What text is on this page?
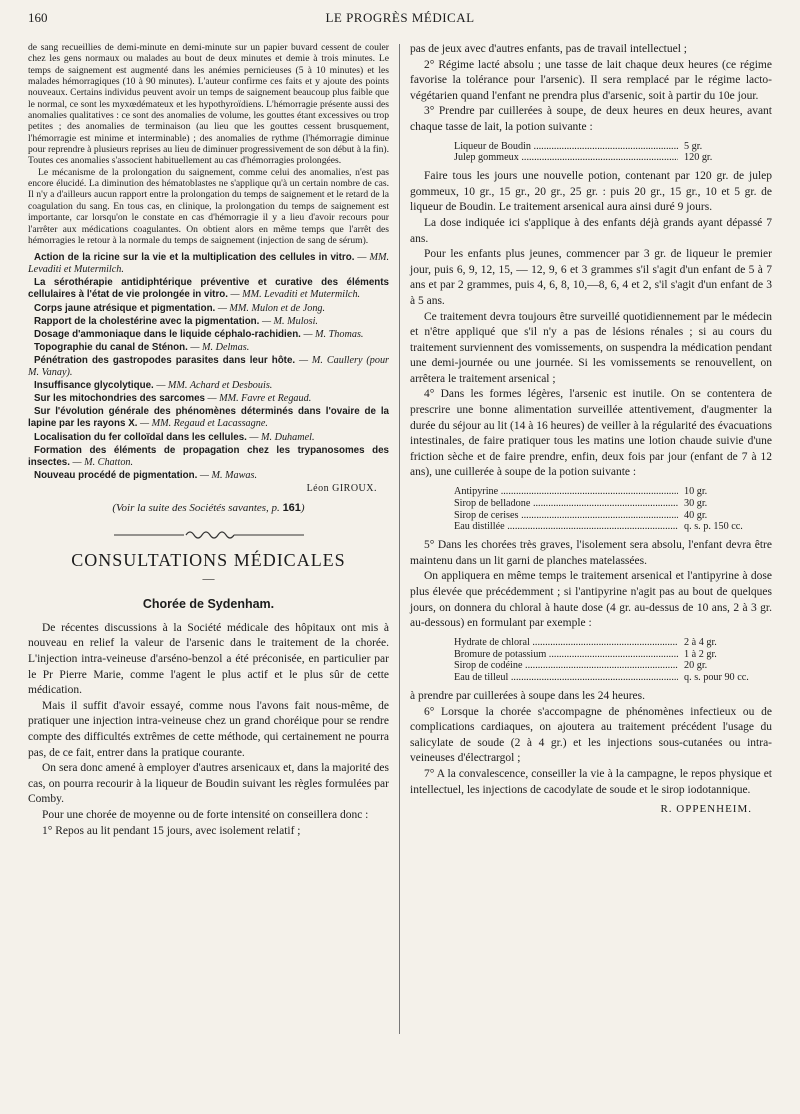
160	LE PROGRÈS MÉDICAL

de sang recueillies de demi-minute en demi-minute sur un papier buvard cessent de couler chez les gens normaux ou malades au bout de deux minutes et demie à trois minutes. Le temps de saignement est augmenté dans les anémies pernicieuses (5 à 10 minutes) et les malades hémorragiques (10 à 90 minutes). L'auteur confirme ces faits et y ajoute des points nouveaux. Certains individus peuvent avoir un temps de saignement beaucoup plus faible que le normal, ce sont les myxœdémateux et les hypothyroïdiens. L'hémorragie présente aussi des anomalies qualitatives : ce sont des anomalies de volume, les gouttes étant excessives ou trop petites ; des anomalies de terminaison (au lieu que les gouttes cessent brusquement, l'hémorragie est minime et interminable) ; des anomalies de rythme (l'hémorragie diminue pour reprendre à plusieurs reprises au lieu de diminuer progressivement de son début à la fin). Toutes ces anomalies s'associent habituellement au cas d'hémorragies prolongées.

Le mécanisme de la prolongation du saignement, comme celui des anomalies, n'est pas encore élucidé. La diminution des hématoblastes ne s'applique qu'à un certain nombre de cas. Il n'y a d'ailleurs aucun rapport entre la prolongation du temps de saignement et le retard de la coagulation du sang. En tous cas, en clinique, la prolongation du temps de saignement est importante, car lorsqu'on le constate en cas d'hémorragie il y a lieu d'avoir recours pour l'arrêter aux médications coagulantes. On obtient alors en même temps que l'arrêt des hémorragies le retour à la normale du temps de saignement (injection de sang de sérum).

Action de la ricine sur la vie et la multiplication des cellules in vitro. — MM. Levaditi et Mutermilch.

La sérothérapie antidiphtérique préventive et curative des éléments cellulaires à l'état de vie prolongée in vitro. — MM. Levaditi et Mutermilch.

Corps jaune atrésique et pigmentation. — MM. Mulon et de Jong.

Rapport de la cholestérine avec la pigmentation. — M. Mulosi.

Dosage d'ammoniaque dans le liquide céphalo-rachidien. — M. Thomas.

Topographie du canal de Sténon. — M. Delmas.

Pénétration des gastropodes parasites dans leur hôte. — M. Caullery (pour M. Vanay).

Insuffisance glycolytique. — MM. Achard et Desbouis.

Sur les mitochondries des sarcomes — MM. Favre et Regaud.

Sur l'évolution générale des phénomènes déterminés dans l'ovaire de la lapine par les rayons X. — MM. Regaud et Lacassagne.

Localisation du fer colloïdal dans les cellules. — M. Duhamel.

Formation des éléments de propagation chez les trypanosomes des insectes. — M. Chatton.

Nouveau procédé de pigmentation. — M. Mawas.

Léon GIROUX.
(Voir la suite des Sociétés savantes, p. 161)
CONSULTATIONS MÉDICALES
—
Chorée de Sydenham.

De récentes discussions à la Société médicale des hôpitaux ont mis à nouveau en relief la valeur de l'arsenic dans le traitement de la chorée. L'injection intra-veineuse d'arséno-benzol a été préconisée, en particulier par le Pr Pierre Marie, comme l'agent le plus actif et le plus sûr de cette médication.

Mais il suffit d'avoir essayé, comme nous l'avons fait nous-même, de pratiquer une injection intra-veineuse chez un grand choréique pour se rendre compte des difficultés extrêmes de cette méthode, qui certainement ne pourra pas, de ce fait, entrer dans la pratique courante.

On sera donc amené à employer d'autres arsenicaux et, dans la majorité des cas, on pourra recourir à la liqueur de Boudin suivant les règles formulées par Comby.

Pour une chorée de moyenne ou de forte intensité on conseillera donc :

1° Repos au lit pendant 15 jours, avec isolement relatif ;

pas de jeux avec d'autres enfants, pas de travail intellectuel ;

2° Régime lacté absolu ; une tasse de lait chaque deux heures (ce régime favorise la tolérance pour l'arsenic). Il sera remplacé par le régime lacto-végétarien quand l'enfant ne prendra plus d'arsenic, soit à partir du 10e jour.

3° Prendre par cuillerées à soupe, de deux heures en deux heures, avant chaque tasse de lait, la potion suivante :

Liqueur de Boudin .....	5 gr.
Julep gommeux .....	120 gr.

Faire tous les jours une nouvelle potion, contenant par 120 gr. de julep gommeux, 10 gr., 15 gr., 20 gr., 25 gr. : puis 20 gr., 15 gr., 10 et 5 gr. de liqueur de Boudin. Le traitement arsenical aura ainsi duré 9 jours.

La dose indiquée ici s'applique à des enfants déjà grands ayant dépassé 7 ans.

Pour les enfants plus jeunes, commencer par 3 gr. de liqueur le premier jour, puis 6, 9, 12, 15, — 12, 9, 6 et 3 grammes s'il s'agit d'un enfant de 5 à 7 ans et par 2 grammes, puis 4, 6, 8, 10,—8, 6, 4 et 2, s'il s'agit d'un enfant de 3 à 5 ans.

Ce traitement devra toujours être surveillé quotidiennement par le médecin et n'être appliqué que s'il n'y a pas de lésions rénales ; si au cours du traitement surviennent des vomissements, on suspendra la médication pendant une demi-journée ou une journée. Si les vomissements se renouvellent, on arrêtera le traitement arsenical ;

4° Dans les formes légères, l'arsenic est inutile. On se contentera de prescrire une bonne alimentation surveillée attentivement, d'augmenter la durée du séjour au lit (14 à 16 heures) de veiller à la régularité des évacuations intestinales, de faire pratiquer tous les matins une lotion chaude suivie d'une friction sèche et de faire prendre, enfin, deux fois par jour (enfant de 7 à 12 ans), une cuillerée à soupe de la potion suivante :

Antipyrine .....	10 gr.
Sirop de belladone .....	30 gr.
Sirop de cerises .....	40 gr.
Eau distillée .....	q. s. p. 150 cc.

5° Dans les chorées très graves, l'isolement sera absolu, l'enfant devra être maintenu dans un lit garni de planches matelassées.

On appliquera en même temps le traitement arsenical et l'antipyrine à dose plus élevée que précédemment ; si l'antipyrine n'agit pas au bout de quelques jours, on donnera du chloral à haute dose (4 gr. au-dessus de 10 ans, 2 à 3 gr. au-dessous) en formulant par exemple :

Hydrate de chloral .....	2 à 4 gr.
Bromure de potassium .....	1 à 2 gr.
Sirop de codéine .....	20 gr.
Eau de tilleul .....	q. s. pour 90 cc.

à prendre par cuillerées à soupe dans les 24 heures.

6° Lorsque la chorée s'accompagne de phénomènes infectieux ou de complications cardiaques, on ajoutera au traitement précédent l'usage du salicylate de soude (2 à 4 gr.) et les injections sous-cutanées ou intra-veineuses d'électrargol ;

7° A la convalescence, conseiller la vie à la campagne, le repos physique et intellectuel, les injections de cacodylate de soude et le sirop iodotannique.

R. OPPENHEIM.
